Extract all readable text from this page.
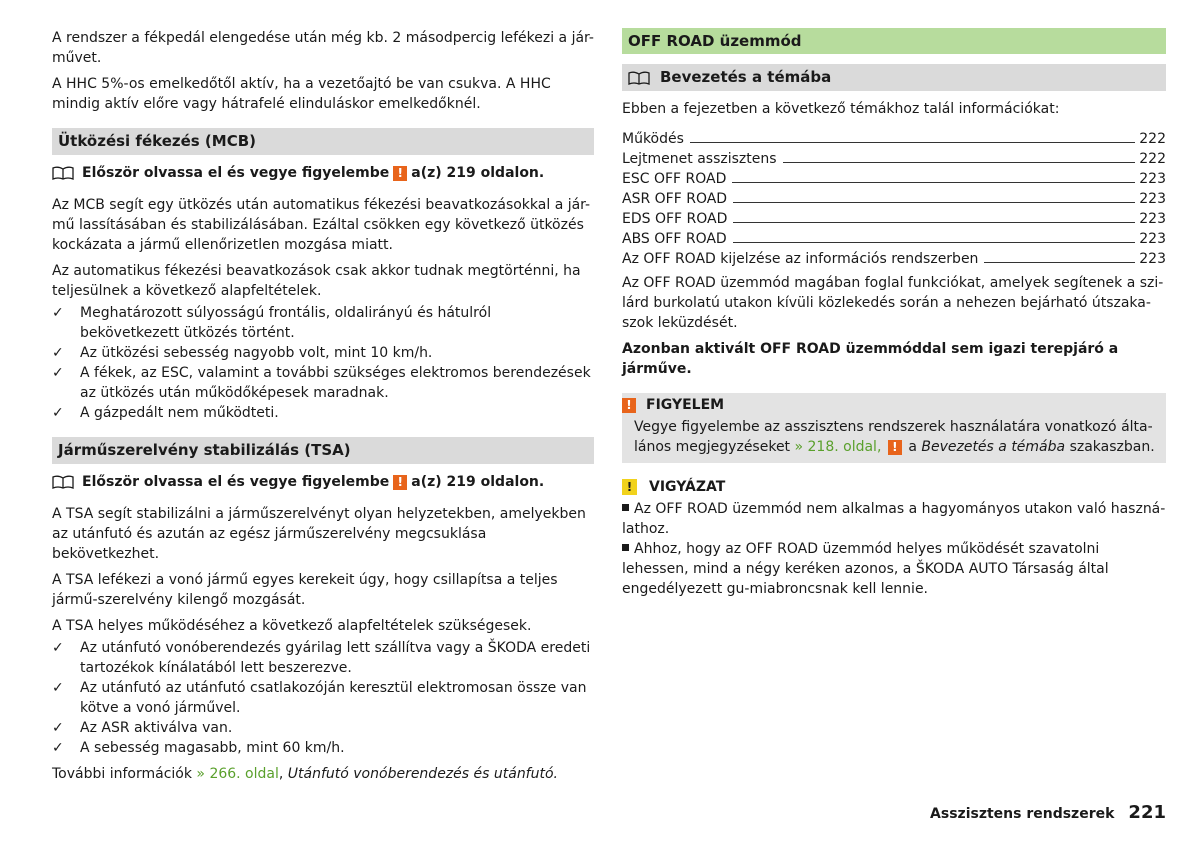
A rendszer a fékpedál elengedése után még kb. 2 másodpercig lefékezi a jár-művet.

A HHC 5%-os emelkedőtől aktív, ha a vezetőajtó be van csukva. A HHC mindig aktív előre vagy hátrafelé elinduláskor emelkedőknél.

Ütközési fékezés (MCB)
Először olvassa el és vegye figyelembe ! a(z) 219 oldalon.

Az MCB segít egy ütközés után automatikus fékezési beavatkozásokkal a jár-mű lassításában és stabilizálásában. Ezáltal csökken egy következő ütközés kockázata a jármű ellenőrizetlen mozgása miatt.

Az automatikus fékezési beavatkozások csak akkor tudnak megtörténni, ha teljesülnek a következő alapfeltételek.

✓	Meghatározott súlyosságú frontális, oldalirányú és hátulról bekövetkezett ütközés történt.
✓	Az ütközési sebesség nagyobb volt, mint 10 km/h.
✓	A fékek, az ESC, valamint a további szükséges elektromos berendezések az ütközés után működőképesek maradnak.
✓	A gázpedált nem működteti.
Járműszerelvény stabilizálás (TSA)
Először olvassa el és vegye figyelembe ! a(z) 219 oldalon.

A TSA segít stabilizálni a járműszerelvényt olyan helyzetekben, amelyekben az utánfutó és azután az egész járműszerelvény megcsuklása bekövetkezhet.

A TSA lefékezi a vonó jármű egyes kerekeit úgy, hogy csillapítsa a teljes jármű-szerelvény kilengő mozgását.

A TSA helyes működéséhez a következő alapfeltételek szükségesek.

✓	Az utánfutó vonóberendezés gyárilag lett szállítva vagy a ŠKODA eredeti tartozékok kínálatából lett beszerezve.
✓	Az utánfutó az utánfutó csatlakozóján keresztül elektromosan össze van kötve a vonó járművel.
✓	Az ASR aktiválva van.
✓	A sebesség magasabb, mint 60 km/h.

További információk » 266. oldal, Utánfutó vonóberendezés és utánfutó.

OFF ROAD üzemmód
Bevezetés a témába

Ebben a fejezetben a következő témákhoz talál információkat:

Működés	222
Lejtmenet asszisztens	222
ESC OFF ROAD	223
ASR OFF ROAD	223
EDS OFF ROAD	223
ABS OFF ROAD	223
Az OFF ROAD kijelzése az információs rendszerben	223

Az OFF ROAD üzemmód magában foglal funkciókat, amelyek segítenek a szi-lárd burkolatú utakon kívüli közlekedés során a nehezen bejárható útszaka-szok leküzdését.

Azonban aktivált OFF ROAD üzemmóddal sem igazi terepjáró a járműve.

!	FIGYELEM
Vegye figyelembe az asszisztens rendszerek használatára vonatkozó álta-lános megjegyzéseket » 218. oldal, ! a Bevezetés a témába szakaszban.
!	VIGYÁZAT
Az OFF ROAD üzemmód nem alkalmas a hagyományos utakon való haszná-lathoz.
Ahhoz, hogy az OFF ROAD üzemmód helyes működését szavatolni lehessen, mind a négy keréken azonos, a ŠKODA AUTO Társaság által engedélyezett gu-miabroncsnak kell lennie.
Asszisztens rendszerek 221
